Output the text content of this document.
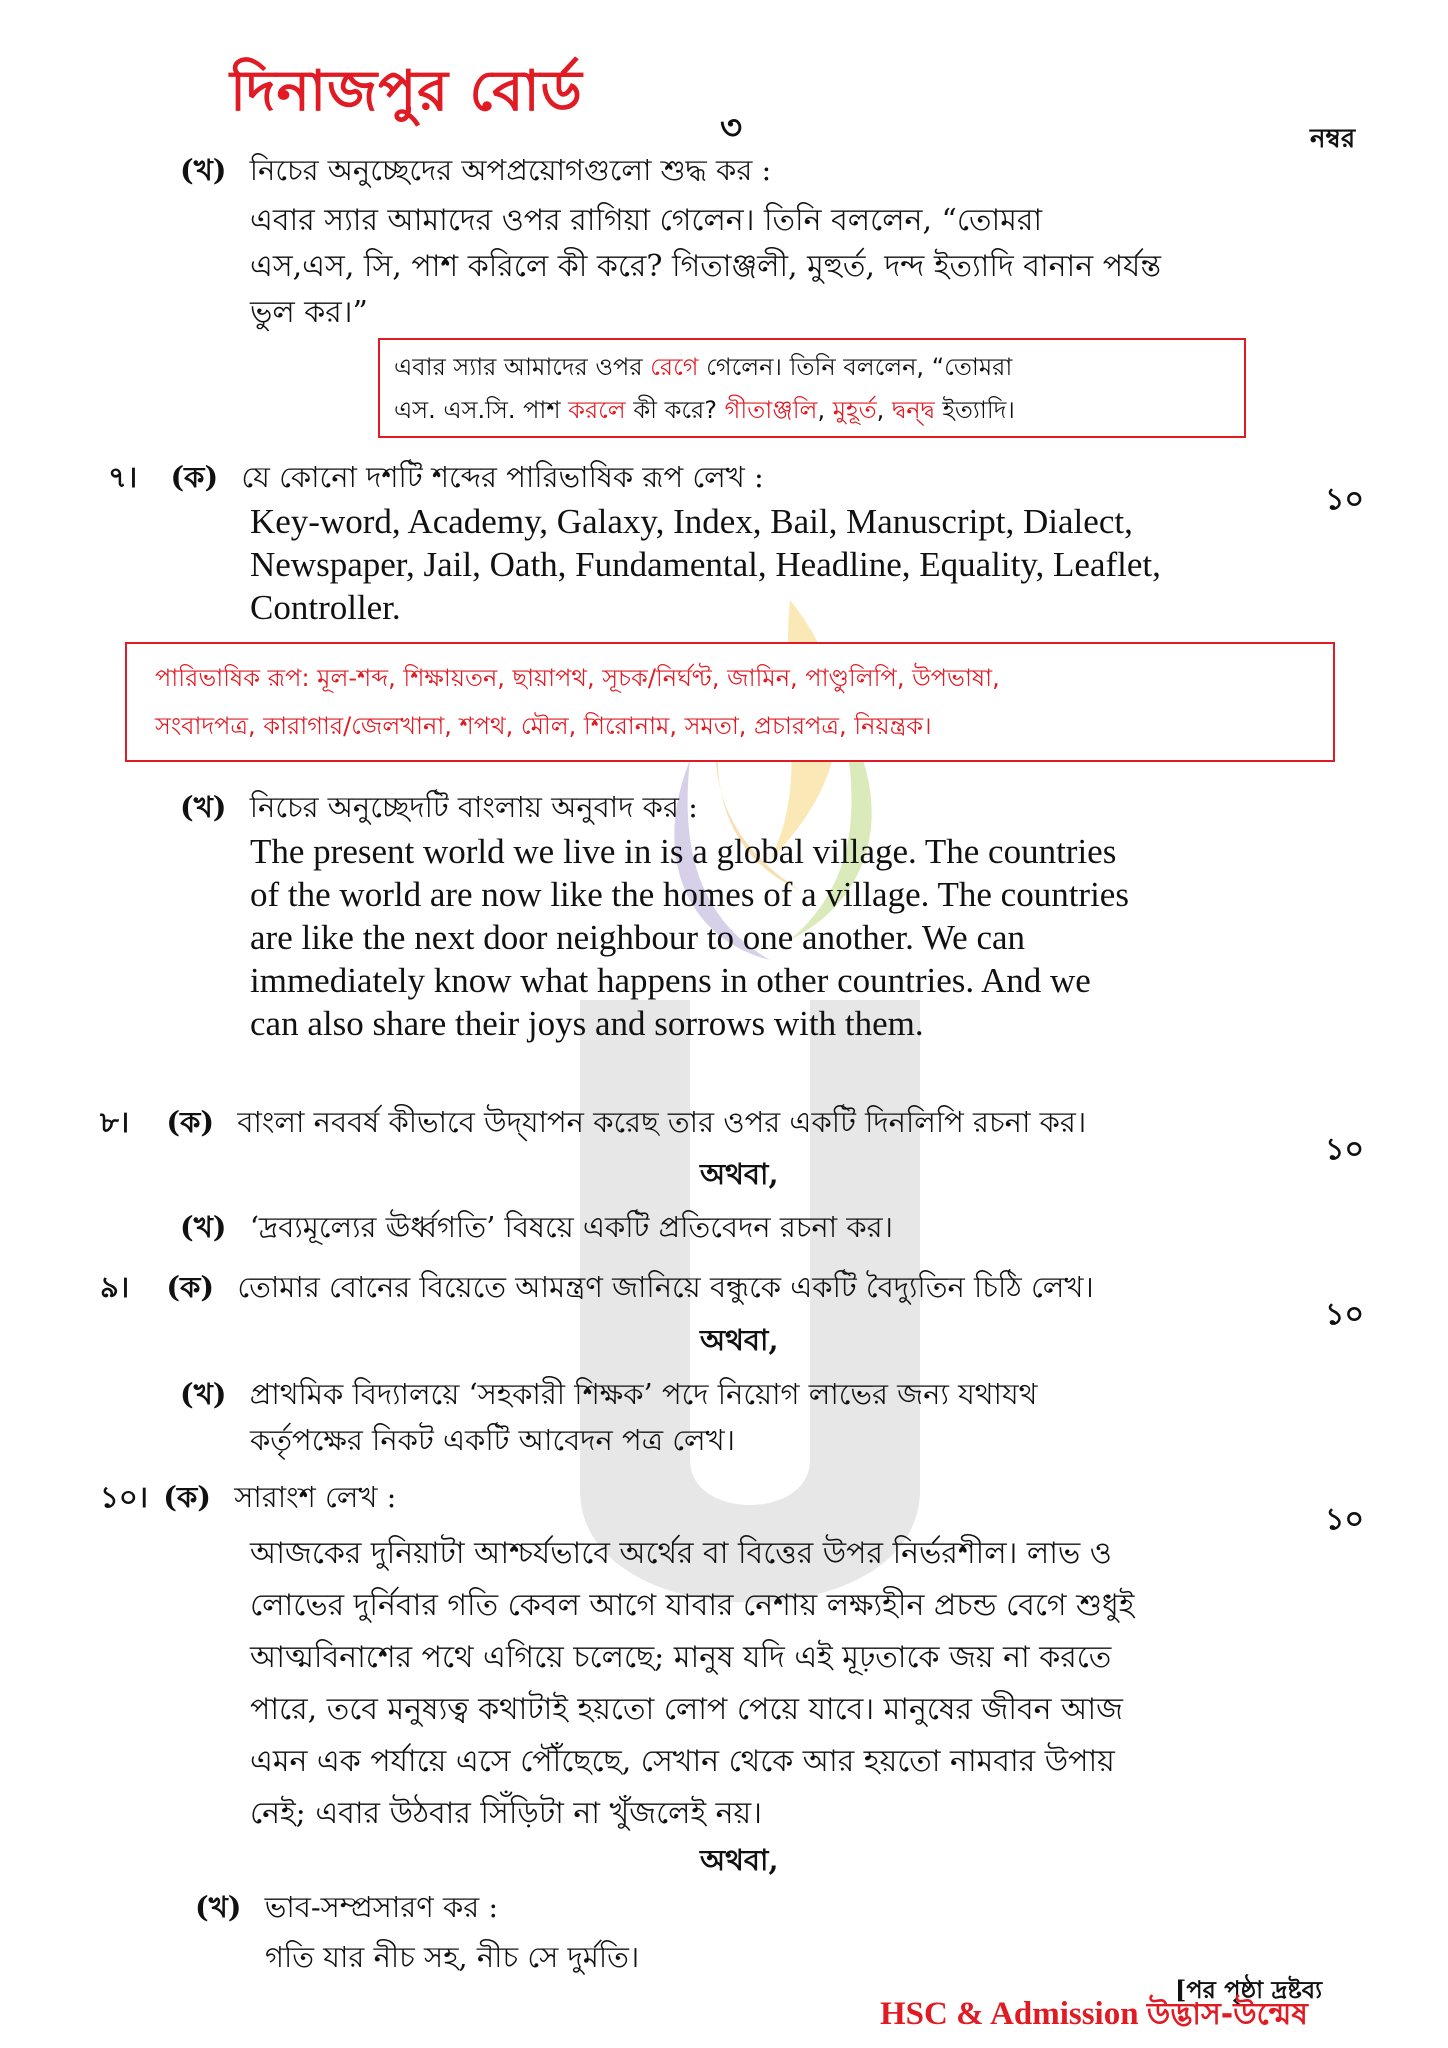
দিনাজপুর বোর্ড
৩	নম্বর
(খ) নিচের অনুচ্ছেদের অপপ্রয়োগগুলো শুদ্ধ কর :
এবার স্যার আমাদের ওপর রাগিয়া গেলেন। তিনি বললেন, “তোমরা
এস,এস, সি, পাশ করিলে কী করে? গিতাঞ্জলী, মুহুর্ত, দন্দ ইত্যাদি বানান পর্যন্ত
ভুল কর।”
এবার স্যার আমাদের ওপর রেগে গেলেন। তিনি বললেন, “তোমরা
এস. এস.সি. পাশ করলে কী করে? গীতাঞ্জলি, মুহূর্ত, দ্বন্দ্ব ইত্যাদি।
৭। (ক) যে কোনো দশটি শব্দের পারিভাষিক রূপ লেখ :
১০
Key-word, Academy, Galaxy, Index, Bail, Manuscript, Dialect,
Newspaper, Jail, Oath, Fundamental, Headline, Equality, Leaflet,
Controller.
পারিভাষিক রূপ: মূল-শব্দ, শিক্ষায়তন, ছায়াপথ, সূচক/নির্ঘণ্ট, জামিন, পাণ্ডুলিপি, উপভাষা,
সংবাদপত্র, কারাগার/জেলখানা, শপথ, মৌল, শিরোনাম, সমতা, প্রচারপত্র, নিয়ন্ত্রক।
(খ) নিচের অনুচ্ছেদটি বাংলায় অনুবাদ কর :
The present world we live in is a global village. The countries
of the world are now like the homes of a village. The countries
are like the next door neighbour to one another. We can
immediately know what happens in other countries. And we
can also share their joys and sorrows with them.
৮। (ক) বাংলা নববর্ষ কীভাবে উদ্‌যাপন করেছ তার ওপর একটি দিনলিপি রচনা কর।
১০
অথবা,
(খ) ‘দ্রব্যমূল্যের ঊর্ধ্বগতি’ বিষয়ে একটি প্রতিবেদন রচনা কর।
৯। (ক) তোমার বোনের বিয়েতে আমন্ত্রণ জানিয়ে বন্ধুকে একটি বৈদ্যুতিন চিঠি লেখ।
১০
অথবা,
(খ) প্রাথমিক বিদ্যালয়ে ‘সহকারী শিক্ষক’ পদে নিয়োগ লাভের জন্য যথাযথ
কর্তৃপক্ষের নিকট একটি আবেদন পত্র লেখ।
১০। (ক) সারাংশ লেখ :
১০
আজকের দুনিয়াটা আশ্চর্যভাবে অর্থের বা বিত্তের উপর নির্ভরশীল। লাভ ও
লোভের দুর্নিবার গতি কেবল আগে যাবার নেশায় লক্ষ্যহীন প্রচন্ড বেগে শুধুই
আত্মবিনাশের পথে এগিয়ে চলেছে; মানুষ যদি এই মূঢ়তাকে জয় না করতে
পারে, তবে মনুষ্যত্ব কথাটাই হয়তো লোপ পেয়ে যাবে। মানুষের জীবন আজ
এমন এক পর্যায়ে এসে পৌঁছেছে, সেখান থেকে আর হয়তো নামবার উপায়
নেই; এবার উঠবার সিঁড়িটা না খুঁজলেই নয়।
অথবা,
(খ) ভাব-সম্প্রসারণ কর :
গতি যার নীচ সহ, নীচ সে দুর্মতি।
[পর পৃষ্ঠা দ্রষ্টব্য
HSC & Admission উদ্ভাস-উন্মেষ
